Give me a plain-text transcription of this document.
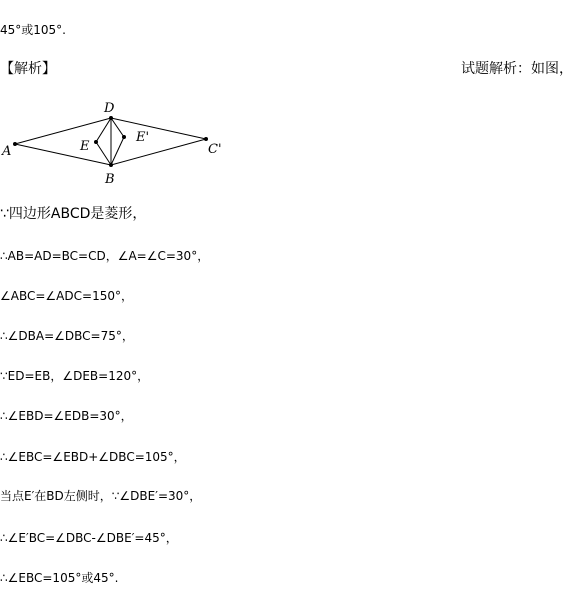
45°或105°.
【解析】	试题解析：如图，
A
D
C'
B
E
E'
∵四边形ABCD是菱形，
∴AB=AD=BC=CD，∠A=∠C=30°，
∠ABC=∠ADC=150°，
∴∠DBA=∠DBC=75°，
∵ED=EB，∠DEB=120°，
∴∠EBD=∠EDB=30°，
∴∠EBC=∠EBD+∠DBC=105°，
当点E′在BD左侧时，∵∠DBE′=30°，
∴∠E′BC=∠DBC-∠DBE′=45°，
∴∠EBC=105°或45°.
